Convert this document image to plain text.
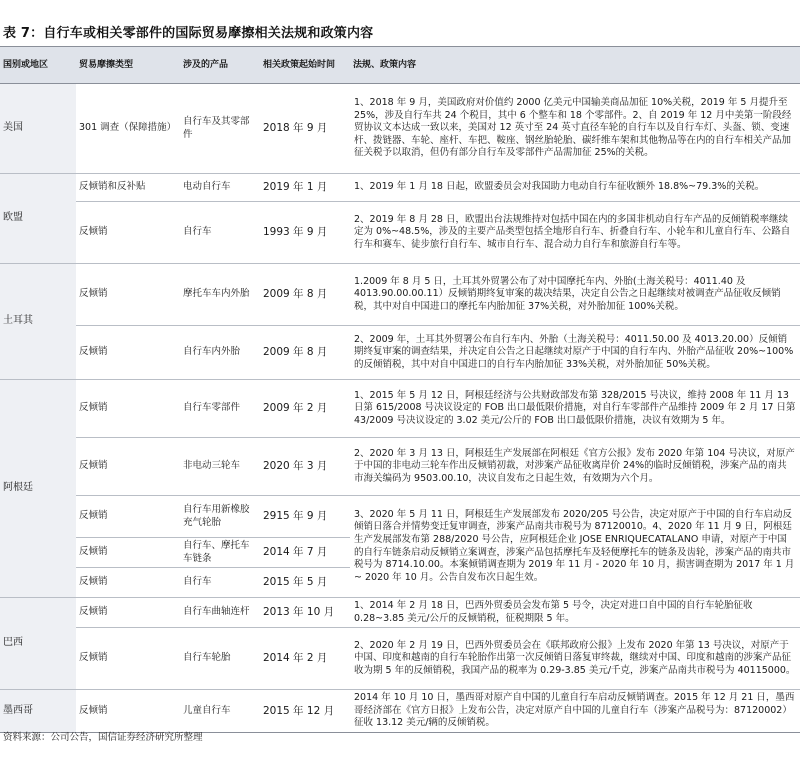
表 7：自行车或相关零部件的国际贸易摩擦相关法规和政策内容
国别或地区	贸易摩擦类型	涉及的产品	相关政策起始时间	法规、政策内容
美国	301 调查（保障措施）	自行车及其零部件	2018 年 9 月	1、2018 年 9 月，美国政府对价值约 2000 亿美元中国输美商品加征 10%关税，2019 年 5 月提升至 25%，涉及自行车共 24 个税目，其中 6 个整车和 18 个零部件。2、自 2019 年 12 月中美第一阶段经贸协议文本达成一致以来，美国对 12 英寸至 24 英寸直径车轮的自行车以及自行车灯、头盔、锁、变速杆、拨链器、车轮、座杆、车把、鞍座、钢丝胎轮胎、碳纤维车架和其他物品等在内的自行车相关产品加征关税予以取消，但仍有部分自行车及零部件产品需加征 25%的关税。
欧盟	反倾销和反补贴	电动自行车	2019 年 1 月	1、2019 年 1 月 18 日起，欧盟委员会对我国助力电动自行车征收额外 18.8%~79.3%的关税。
	反倾销	自行车	1993 年 9 月	2、2019 年 8 月 28 日，欧盟出台法规维持对包括中国在内的多国非机动自行车产品的反倾销税率继续定为 0%~48.5%，涉及的主要产品类型包括全地形自行车、折叠自行车、小轮车和儿童自行车、公路自行车和赛车、徒步旅行自行车、城市自行车、混合动力自行车和旅游自行车等。
土耳其	反倾销	摩托车车内外胎	2009 年 8 月	1.2009 年 8 月 5 日，土耳其外贸署公布了对中国摩托车内、外胎(土海关税号：4011.40 及 4013.90.00.00.11）反倾销期终复审案的裁决结果，决定自公告之日起继续对被调查产品征收反倾销税，其中对自中国进口的摩托车内胎加征 37%关税，对外胎加征 100%关税。
	反倾销	自行车内外胎	2009 年 8 月	2、2009 年，土耳其外贸署公布自行车内、外胎（土海关税号：4011.50.00 及 4013.20.00）反倾销期终复审案的调查结果，并决定自公告之日起继续对原产于中国的自行车内、外胎产品征收 20%~100%的反倾销税，其中对自中国进口的自行车内胎加征 33%关税，对外胎加征 50%关税。
阿根廷	反倾销	自行车零部件	2009 年 2 月	1、2015 年 5 月 12 日，阿根廷经济与公共财政部发布第 328/2015 号决议，维持 2008 年 11 月 13 日第 615/2008 号决议设定的 FOB 出口最低限价措施，对自行车零部件产品维持 2009 年 2 月 17 日第 43/2009 号决议设定的 3.02 美元/公斤的 FOB 出口最低限价措施，决议有效期为 5 年。
	反倾销	非电动三轮车	2020 年 3 月	2、2020 年 3 月 13 日，阿根廷生产发展部在阿根廷《官方公报》发布 2020 年第 104 号决议，对原产于中国的非电动三轮车作出反倾销初裁，对涉案产品征收离岸价 24%的临时反倾销税，涉案产品的南共市海关编码为 9503.00.10，决议自发布之日起生效，有效期为六个月。
	反倾销	自行车用新橡胶充气轮胎	2915 年 9 月	3、2020 年 5 月 11 日，阿根廷生产发展部发布 2020/205 号公告，决定对原产于中国的自行车启动反倾销日落合并情势变迁复审调查，涉案产品南共市税号为 87120010。4、2020 年 11 月 9 日，阿根廷生产发展部发布第 288/2020 号公告，应阿根廷企业 JOSE ENRIQUECATALANO 申请，对原产于中国的自行车链条启动反倾销立案调查，涉案产品包括摩托车及轻便摩托车的链条及齿轮，涉案产品的南共市税号为 8714.10.00。本案倾销调查期为 2019 年 11 月 - 2020 年 10 月，损害调查期为 2017 年 1 月 ~ 2020 年 10 月。公告自发布次日起生效。
	反倾销	自行车、摩托车车链条	2014 年 7 月	
	反倾销	自行车	2015 年 5 月	
巴西	反倾销	自行车曲轴连杆	2013 年 10 月	1、2014 年 2 月 18 日，巴西外贸委员会发布第 5 号令，决定对进口自中国的自行车轮胎征收 0.28~3.85 美元/公斤的反倾销税，征税期限 5 年。
	反倾销	自行车轮胎	2014 年 2 月	2、2020 年 2 月 19 日，巴西外贸委员会在《联邦政府公报》上发布 2020 年第 13 号决议，对原产于中国、印度和越南的自行车轮胎作出第一次反倾销日落复审终裁，继续对中国、印度和越南的涉案产品征收为期 5 年的反倾销税，我国产品的税率为 0.29-3.85 美元/千克，涉案产品南共市税号为 40115000。
墨西哥	反倾销	儿童自行车	2015 年 12 月	2014 年 10 月 10 日，墨西哥对原产自中国的儿童自行车启动反倾销调查。2015 年 12 月 21 日，墨西哥经济部在《官方日报》上发布公告，决定对原产自中国的儿童自行车（涉案产品税号为：87120002）征收 13.12 美元/辆的反倾销税。
资料来源：公司公告，国信证券经济研究所整理
